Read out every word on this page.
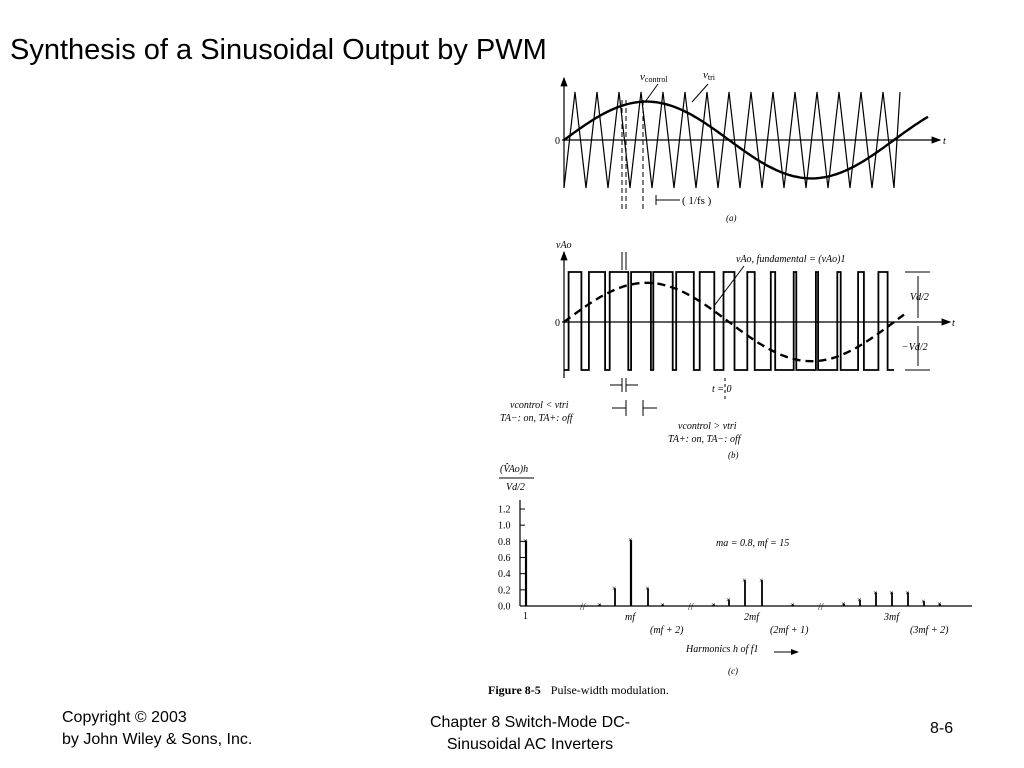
Synthesis of a Sinusoidal Output by PWM
0	t
vcontrol	vtri
( 1/fs )
(a)
vAo
0	t
t = 0
vAo, fundamental = (vAo)1
Vd/2
−Vd/2
vcontrol < vtri
TA−: on, TA+: off
vcontrol > vtri
TA+: on, TA−: off
(b)
(V̂Ao)h
Vd/2
1.2
1.0
0.8
0.6
0.4
0.2
0.0
×
×
×
×
×
×	×
×
× ×
×	× ×
× × ×
× ×
//	//	//
ma = 0.8, mf = 15
1	mf
(mf + 2)
2mf
(2mf + 1)
3mf
(3mf + 2)
Harmonics h of f1
(c)
Figure 8-5 Pulse-width modulation.
Copyright © 2003
by John Wiley & Sons, Inc.
Chapter 8 Switch-Mode DC-
Sinusoidal AC Inverters
8-6
